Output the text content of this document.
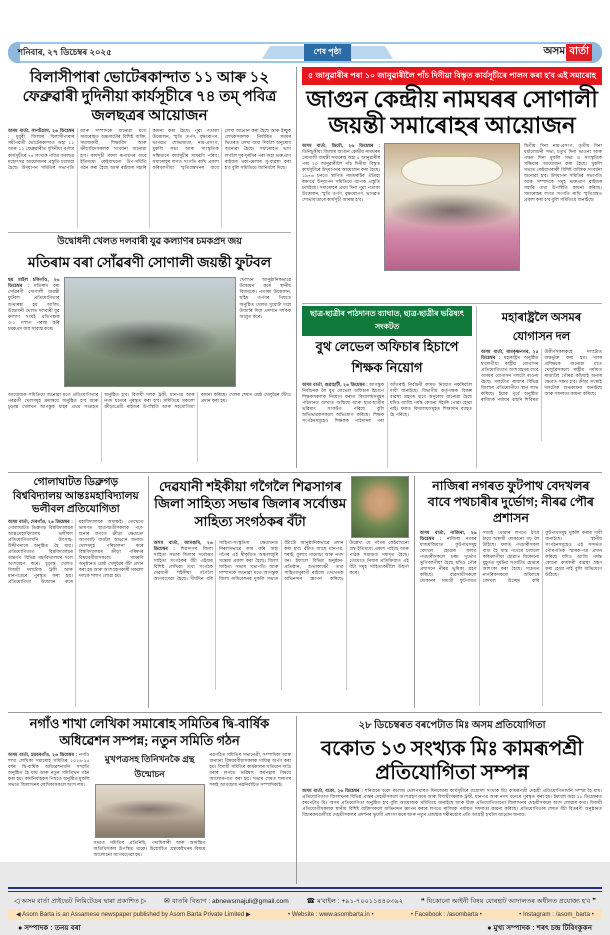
শনিবাৰ, ২৭ ডিচেম্বৰ ২০২৫	শেষ পৃষ্ঠা	অসম বাৰ্তা
বিলাসীপাৰা ভোটেৰকান্দাত ১১ আৰু ১২ ফেব্ৰুৱাৰী দুদিনীয়া কাৰ্যসূচীৰে ৭৪ তম্‌ পবিত্ৰ জলছত্ৰৰ আয়োজন
অসম বাৰ্তা, সাপটগ্ৰাম, ২৬ ডিচেম্বৰ : ধুবুৰী জিলাৰ বিলাসীপাৰাৰ সমীপৱৰ্তী ভোটেৰকান্দাত অহা ১১ আৰু ১২ ফেব্ৰুৱাৰীত দুদিনীয়া বৰ্ণাঢ্য কাৰ্যসূচীৰে ৭৪ সংখ্যক পবিত্ৰ জলছত্ৰ মহোৎসৱ আয়োজনৰ প্ৰস্তুতি চলোৱা হৈছে। উদ্‌যাপন সমিতিৰ সভাপতি আৰু সম্পাদকে জনোৱা মতে সমাৰোহত অঞ্চলটোৰ বিশিষ্ট ব্যক্তি, সমাজকৰ্মী, শিক্ষাবিদ আৰু ক্ৰীড়াবিদসকলক সংবৰ্ধনা জনোৱা হ'ব। কাৰ্যসূচী সফল ৰূপায়ণৰ বাবে ইতিমধ্যে কেইবাখনো উপ-সমিতি গঠন কৰা হৈছে আৰু ৰাইজৰ সহাৰি কামনা কৰা হৈছে। পুৱা পতাকা উত্তোলন, স্মৃতি তৰ্পণ, বৃক্ষৰোপণ, ভাগৱত শোভাযাত্ৰা, নাম-প্ৰসংগ, মুকলি সভা আৰু সাংস্কৃতিক সন্ধিয়াৰে কাৰ্যসূচীৰ সামৰণি পৰিব। সমাৰোহৰ লগত সংগতি ৰাখি প্ৰকাশ কৰিবলগীয়া স্মৃতিগ্ৰন্থখনৰ বাবে লেখা আহ্বান কৰা হৈছে আৰু ইচ্ছুক লেখকসকলক নিৰ্ধাৰিত সময়ৰ ভিতৰত লেখা জমা দিবলৈ অনুৰোধ জনোৱা হৈছে। সমাৰোহত ভাগ ল'বলৈ দূৰ-দূৰণিৰ পৰা অহা ভক্তপ্ৰাণ ৰাইজৰ থকা-মেলাৰ সু-ব্যৱস্থা কৰা হ'ব বুলি সমিতিয়ে জানিবলৈ দিছে।
উদ্বোধনী খেলত দলবাৰী যুৱ কল্যাণৰ চমকপ্ৰদ জয়
মতিৰাম বৰা সোঁৱৰণী সোণালী জয়ন্তী ফুটবল
ছয় মাইল চকিগাঁও, ২৬ ডিচেম্বৰ : মতিৰাম বৰা সোঁৱৰণী সোণালী জয়ন্তী ফুটবল প্ৰতিযোগিতাৰ শুভাৰম্ভ হয় আজি। উদ্বোধনী খেলত দলবাৰী যুৱ কল্যাণ সংঘই প্ৰতিপক্ষক ৩-১ গ'লত পৰাস্ত কৰি চমকপ্ৰদ জয় সাব্যস্ত কৰে।
খেলখন আনুষ্ঠানিকভাৱে উদ্বোধন কৰে স্থানীয় বিধায়কে। পতাকা উত্তোলন, ছহিদ তৰ্পণৰ পিছতে অনুষ্ঠিত খেলত দুয়োটা দলে উজাৰি দিয়া প্ৰদৰ্শনে দৰ্শকক আপ্লুত কৰে।
আয়োজক সমিতিয়ে জনোৱা মতে প্ৰতিযোগিতাৰ পৰৱৰ্তী খেলসমূহ ক্ৰমান্বয়ে অনুষ্ঠিত হ'ব আৰু চূড়ান্ত খেলখন আগন্তুক মাহৰ প্ৰথম সপ্তাহত অনুষ্ঠিত হ'ব। বিজয়ী দলক ট্ৰফী, মানপত্ৰ আৰু নগদ ধনেৰে পুৰস্কৃত কৰা হ'ব। সমিতিয়ে সকলো ক্ৰীড়াপ্ৰেমী ৰাইজৰ উপস্থিতি আৰু সহযোগিতা কামনা কৰিছে। খেলৰ শেষত শ্ৰেষ্ঠ খেলুৱৈৰ বঁটাও প্ৰদান কৰা হয়।
৫ জানুৱাৰীৰ পৰা ১০ জানুৱাৰীলৈ পাঁচ দিনীয়া বিস্তৃত কাৰ্যসূচীৰে পালন কৰা হ'ব এই সমাৰোহ
জাগুন কেন্দ্ৰীয় নামঘৰৰ সোণালী জয়ন্তী সমাৰোহৰ আয়োজন
অসম বাৰ্তা, ডিমৌ, ২৬ ডিচেম্বৰ : তিনিচুকীয়া জিলাৰ জাগুন কেন্দ্ৰীয় নামঘৰৰ সোণালী জয়ন্তী সমাৰোহ অহা ৫ জানুৱাৰীৰ পৰা ১০ জানুৱাৰীলৈ পাঁচ দিনীয়া বিস্তৃত কাৰ্যসূচীৰে উদ্‌যাপনৰ আয়োজন কৰা হৈছে। ১৯৭৬ চনতে স্থাপিত নামঘৰটিৰ ঐতিহ্য ৰক্ষাৰ্থে উদ্‌যাপন সমিতিয়ে ব্যাপক প্ৰস্তুতি চলাইছে। সমাৰোহৰ প্ৰথম দিনা পুৱা পতাকা উত্তোলন, স্মৃতি তৰ্পণ, বৃক্ষৰোপণ, ভাগৱত শোভাযাত্ৰাৰে কাৰ্যসূচী আৰম্ভ হ'ব।
দ্বিতীয় দিনা নাম-প্ৰসংগ, তৃতীয় দিনা ধৰ্মালোচনী সভা, চতুৰ্থ দিনা ভাওনা আৰু পঞ্চম দিনা মুকলি সভা ও সাংস্কৃতিক সন্ধিয়াৰ আয়োজন কৰা হৈছে। মুকলি সভাত কেইবাগৰাকী বিশিষ্ট ব্যক্তিক সংবৰ্ধনা জনোৱা হ'ব। উদ্‌যাপন সমিতিৰ সভাপতি আৰু সম্পাদকে সমূহ ভক্তপ্ৰাণ ৰাইজৰ সহাৰি তথা উপস্থিতি কামনা কৰিছে। সমাৰোহৰ লগত সংগতি ৰাখি স্মৃতিগ্ৰন্থও প্ৰকাশ কৰা হ'ব বুলি সমিতিয়ে জনাইছে।
ছাত্ৰ-ছাত্ৰীৰ পাঠদানত ব্যাঘাত, ছাত্ৰ-ছাত্ৰীৰ ভৱিষ্যৎ সংকটত
বুথ লেভেল অফিচাৰ হিচাপে শিক্ষক নিয়োগ
অসম বাৰ্তা, গুৱাহাটী, ২৬ ডিচেম্বৰ : আগন্তুক নিৰ্বাচনক লৈ বুথ লেভেল অফিচাৰ হিচাপে শিক্ষকসকলক নিয়োগ কৰাত বিদ্যালয়সমূহৰ পাঠদানত ব্যাঘাত জন্মিছে আৰু ছাত্ৰ-ছাত্ৰীৰ ভৱিষ্যৎ সংকটত পৰিছে বুলি অভিভাৱকসকলে অভিযোগ কৰিছে। শিক্ষক সংগঠনসমূহেও শিক্ষকক পাঠদানৰ পৰা আঁতৰাই নিৰ্বাচনী কামত নিয়োগ নকৰিবলৈ দাবী জনাইছে। বিভাগীয় কৰ্তৃপক্ষক বিকল্প ব্যৱস্থা গ্ৰহণৰ বাবে অনুৰোধ জনোৱা হৈছে যদিও আজি পৰ্যন্ত কোনো সঁহাৰি পোৱা হোৱা নাই। ফলত বিদ্যালয়সমূহত শিক্ষাদান ব্যাহত হৈ পৰিছে।
মহাৰাষ্ট্ৰলৈ অসমৰ যোগাসন দল
অসম বাৰ্তা, ৰামকৃষ্ণনগৰ, ২৫ ডিচেম্বৰ : মহাৰাষ্ট্ৰত অনুষ্ঠিত হ'বলগীয়া ৰাষ্ট্ৰীয় যোগাসন প্ৰতিযোগিতাত অংশগ্ৰহণৰ বাবে অসমৰ যোগাসন দলটো ৰাওনা হৈছে। দলটোত ৰাজ্যৰ বিভিন্ন জিলাৰ প্ৰতিযোগীয়ে স্থান লাভ কৰিছে। ইয়াৰ পূৰ্বে অনুষ্ঠিত ৰাজ্যিক পৰ্যায়ৰ বাছনি শিবিৰত উত্তীৰ্ণসকলকহে দলটোত অন্তৰ্ভুক্ত কৰা হয়। দলৰ প্ৰশিক্ষকে জনোৱা মতে খেলুৱৈসকলে ৰাষ্ট্ৰীয় পৰ্যায়ত ৰাজ্যলৈ গৌৰৱ কঢ়িয়াই অনাৰ ক্ষেত্ৰত সক্ষম হ'ব। ক্ৰীড়া সংস্থাই দলটোক শুভকামনা জনাইছে আৰু সফলতা কামনা কৰিছে।
গোলাঘাটত ডিব্ৰুগড় বিশ্ববিদ্যালয় আন্তঃমহাবিদ্যালয় ভলীবল প্ৰতিযোগিতা
অসম বাৰ্তা, দেৰগাঁও, ২৬ ডিচেম্বৰ : গোলাঘাটত ডিব্ৰুগড় বিশ্ববিদ্যালয়ৰ আন্তঃমহাবিদ্যালয় ভলীবল প্ৰতিযোগিতাখনি উৎসাহ-উদ্দীপনাৰে অনুষ্ঠিত হৈ যায়। প্ৰতিযোগিতাত বিশ্ববিদ্যালয়ৰ অন্তৰ্গত বিভিন্ন মহাবিদ্যালয়ৰ দলে অংশগ্ৰহণ কৰে। চূড়ান্ত খেলত বিজয়ী দলটোক ট্ৰফী আৰু মানপত্ৰেৰে পুৰস্কৃত কৰা হয়। প্ৰতিযোগিতা উদ্বোধন কৰে মহাবিদ্যালয়ৰ অধ্যক্ষই। তেখেতে ভাষণত ছাত্ৰ-ছাত্ৰীসকলক পঢ়া-শুনাৰ লগতে ক্ৰীড়া ক্ষেত্ৰতো আগবাঢ়ি যাবলৈ আহ্বান জনায়। খেলসমূহ পৰিচালনা কৰে বিশ্ববিদ্যালয়ৰ ক্ৰীড়া পৰিষদৰ বিষয়ববীয়াসকলে। সামৰণি অনুষ্ঠানত শ্ৰেষ্ঠ খেলুৱৈৰ বঁটা প্ৰদান কৰা হয় আৰু অংশগ্ৰহণকাৰী সকলো দলকে শলাগ লোৱা হয়।
দেৱযানী শইকীয়া গগৈলৈ শিৱসাগৰ জিলা সাহিত্য সভাৰ জিলাৰ সৰ্বোত্তম সাহিত্য সংগঠকৰ বঁটা
অসম বাৰ্তা, আমগুৰি, ২৬ ডিচেম্বৰ : শিৱসাগৰ জিলা সাহিত্য সভাৰ জিলাৰ সৰ্বোত্তম সাহিত্য সংগঠকৰ বঁটা এইবাৰ বিশিষ্ট লেখিকা তথা সংগঠক দেৱযানী শইকীয়া গগৈলৈ আগবঢ়োৱা হৈছে। দীৰ্ঘদিন ধৰি সাহিত্য-সংস্কৃতিৰ ক্ষেত্ৰখনত নিৰলসভাৱে কাম কৰি অহা গগৈৰ এই স্বীকৃতিত অঞ্চলজুৰি সন্তোষ প্ৰকাশ কৰা হৈছে। জিলা সাহিত্য সভাৰ সভাপতি আৰু সম্পাদকে জনোৱা মতে আগন্তুক জিলা অধিবেশনৰ মুকলি সভাত বঁটাটো আনুষ্ঠানিকভাৱে প্ৰদান কৰা হ'ব। বঁটাত আছে মানপত্ৰ, শৰাই, ফুলাম গামোচা আৰু নগদ ধন। ইফালে বিভিন্ন অনুষ্ঠান-প্ৰতিষ্ঠান, শুভাকাংক্ষী তথা সাহিত্যানুৰাগী ৰাইজে তেখেতক অভিনন্দন জ্ঞাপন কৰিছে। উল্লেখ্য যে গগৈৰ কেইবাখনো গ্ৰন্থ ইতিমধ্যে প্ৰকাশ পাইছে আৰু পাঠক সমাজত সমাদৃত হৈছে। তেখেতে নিজৰ প্ৰতিক্ৰিয়াত এই বঁটা সমূহ সাহিত্যকৰ্মীলৈ উছৰ্গা কৰে।
নাজিৰা নগৰত ফুটপাথ বেদখলৰ বাবে পথচাৰীৰ দুৰ্ভোগ; নীৰৱ পৌৰ প্ৰশাসন
অসম বাৰ্তা, নাজিৰা, ২৬ ডিচেম্বৰ : নাজিৰা নগৰৰ মাজমজিয়াত ফুটপাথসমূহ বেদখল হোৱাৰ ফলত পথচাৰীসকলে চৰম দুৰ্ভোগ ভুগিবলগীয়া হৈছে যদিও পৌৰ প্ৰশাসনে নীৰৱ ভূমিকা গ্ৰহণ কৰিছে। ব্যৱসায়ীসকলে দোকানৰ সামগ্ৰী ফুটপাথত সজাই থোৱাৰ লগতে ঠায়ে ঠায়ে অস্থায়ী দোকানো গঢ় লৈ উঠিছে। ফলত পথচাৰীসকল বাধ্য হৈ ব্যস্ত পথেৰে চলাচল কৰিবলগীয়া হোৱাত যিকোনো মুহূৰ্তত দুৰ্ঘটনা সংঘটিত হোৱাৰ আশংকা কৰা হৈছে। সচেতন নাগৰিকসকলে অবিলম্বে বেদখল উচ্ছেদ কৰি ফুটপাথসমূহ মুকলি কৰাৰ দাবী জনাইছে। স্থানীয় সংগঠনসমূহেও এই সন্দৰ্ভত পৌৰপতিক স্মাৰক-পত্ৰ প্ৰদান কৰিছে যদিও আজি পৰ্যন্ত কোনো কাৰ্যকৰী ব্যৱস্থা গ্ৰহণ কৰা হোৱা নাই বুলি অভিযোগ উঠিছে।
নগাঁও শাখা লেখিকা সমাৰোহ সমিতিৰ দ্বি-বাৰ্ষিক অধিৱেশন সম্পন্ন; নতুন সমিতি গঠন
অসম বাৰ্তা, হয়বৰগাঁও, ২৬ ডিচেম্বৰ : নগাঁও শাখা লেখিকা সমাৰোহ সমিতিৰ ২০২৪-২৫ বৰ্ষৰ দ্বি-বাৰ্ষিক অধিৱেশনখনি সম্প্ৰতি অনুষ্ঠিত হৈ যায় আৰু নতুন সমিতিখন গঠন কৰা হয়। কাৰ্যনিৰ্বাহকৰ পিছতে অনুষ্ঠিত মুকলি সভাত জিলাখনৰ লেখিকাসকলে অংশ লয়।
মুখপত্ৰসহ তিনিখনকৈ গ্ৰন্থ উন্মোচন
সভাত সমিতিৰ প্ৰতিনিধি, পদাধিকাৰী আৰু আমন্ত্ৰিত অতিথিসকল উপস্থিত থাকে। উন্মোচিত গ্ৰন্থকেইখনৰ বিষয়ে আলোচনা আগবঢ়োৱা হয়।
নৱগঠিত সমিতিৰ সভানেত্ৰী, সম্পাদিকা আৰু অন্যান্য বিষয়ববীয়াসকলক দায়িত্ব অৰ্পণ কৰা হয়। বিদায়ী সমিতিৰ কাৰ্যকালৰ খতিয়ান দাঙি ধৰাৰ লগতে ভৱিষ্যৎ কৰ্মপন্থাৰ বিষয়ে আলোকপাত কৰা হয়। সভাৰ শেষত শলাগৰ শৰাই আগবঢ়ায় নৱনিৰ্বাচিত সম্পাদিকাই।
২৮ ডিচেম্বৰত বৰপেটাত মিঃ অসম প্ৰতিযোগিতা
বকোত ১৩ সংখ্যক মিঃ কামৰূপশ্ৰী প্ৰতিযোগিতা সম্পন্ন
অসম বাৰ্তা, বকো, ২৬ ডিচেম্বৰ : শনিবাৰে বকো কলেজ খেলপথাৰত দিনজোৰা কাৰ্যসূচীৰে ত্ৰয়োদশ সংখ্যক মিঃ কামৰূপশ্ৰী দেহশ্ৰী প্ৰতিযোগিতাখনি সম্পন্ন হৈ যায়। প্ৰতিযোগিতাত জিলাখনৰ বিভিন্ন প্ৰান্তৰ দেহশ্ৰীসকলে অংশগ্ৰহণ কৰে আৰু বিজয়ীসকলক ট্ৰফী, মানপত্ৰ আৰু নগদ ধনেৰে পুৰস্কৃত কৰা হয়। ইফালে অহা ২৮ ডিচেম্বৰত বৰপেটাত মিঃ অসম প্ৰতিযোগিতা অনুষ্ঠিত হ'ব বুলি আয়োজক সমিতিয়ে জনাইছে আৰু উক্ত প্ৰতিযোগিতাতো জিলাখনৰ দেহশ্ৰীসকলে অংশ লোৱাৰ কথা। বিজয়ী প্ৰতিযোগীসকলক স্থানীয় বিশিষ্ট ব্যক্তিসকলে অভিনন্দন জ্ঞাপন কৰাৰ লগতে ৰাজ্যিক পৰ্যায়ত সফলতা কামনা কৰিছে। প্ৰতিযোগিতাৰ শেষত বঁটা বিতৰণী অনুষ্ঠানত বিচাৰকমণ্ডলীয়ে দেহশ্ৰীসকলৰ প্ৰদৰ্শনৰ ভূয়সী প্ৰশংসা কৰে আৰু নতুন প্ৰজন্মক শৰীৰচৰ্চাৰ প্ৰতি আগ্ৰহী হ'বলৈ আহ্বান জনায়।
◁ অসম বাৰ্তা প্ৰাইভেট লিমিটেডৰ দ্বাৰা প্ৰকাশিত ▷	✉ বাতৰি বিভাগ : abnewsmajuli@gmail.com	☎ ম'বাইল : +৯১-৭০০১১৪৪০৩৯২	❝ যিকোনো আইনী বিষয় যোৰহাট আদালতৰ অধীনত প্ৰযোজ্য হ'ব ❞
◀ Asom Barta is an Assamese newspaper published by Asom Barta Private Limited ▶	• Website : www.asombarta.in •	• Facebook : /asombarta •	• Instagram : /asom_barta •
● সম্পাদক : তনয় বৰা	● মুখ্য সম্পাদক : শৰৎ চন্দ্ৰ টিবিংকুকন
